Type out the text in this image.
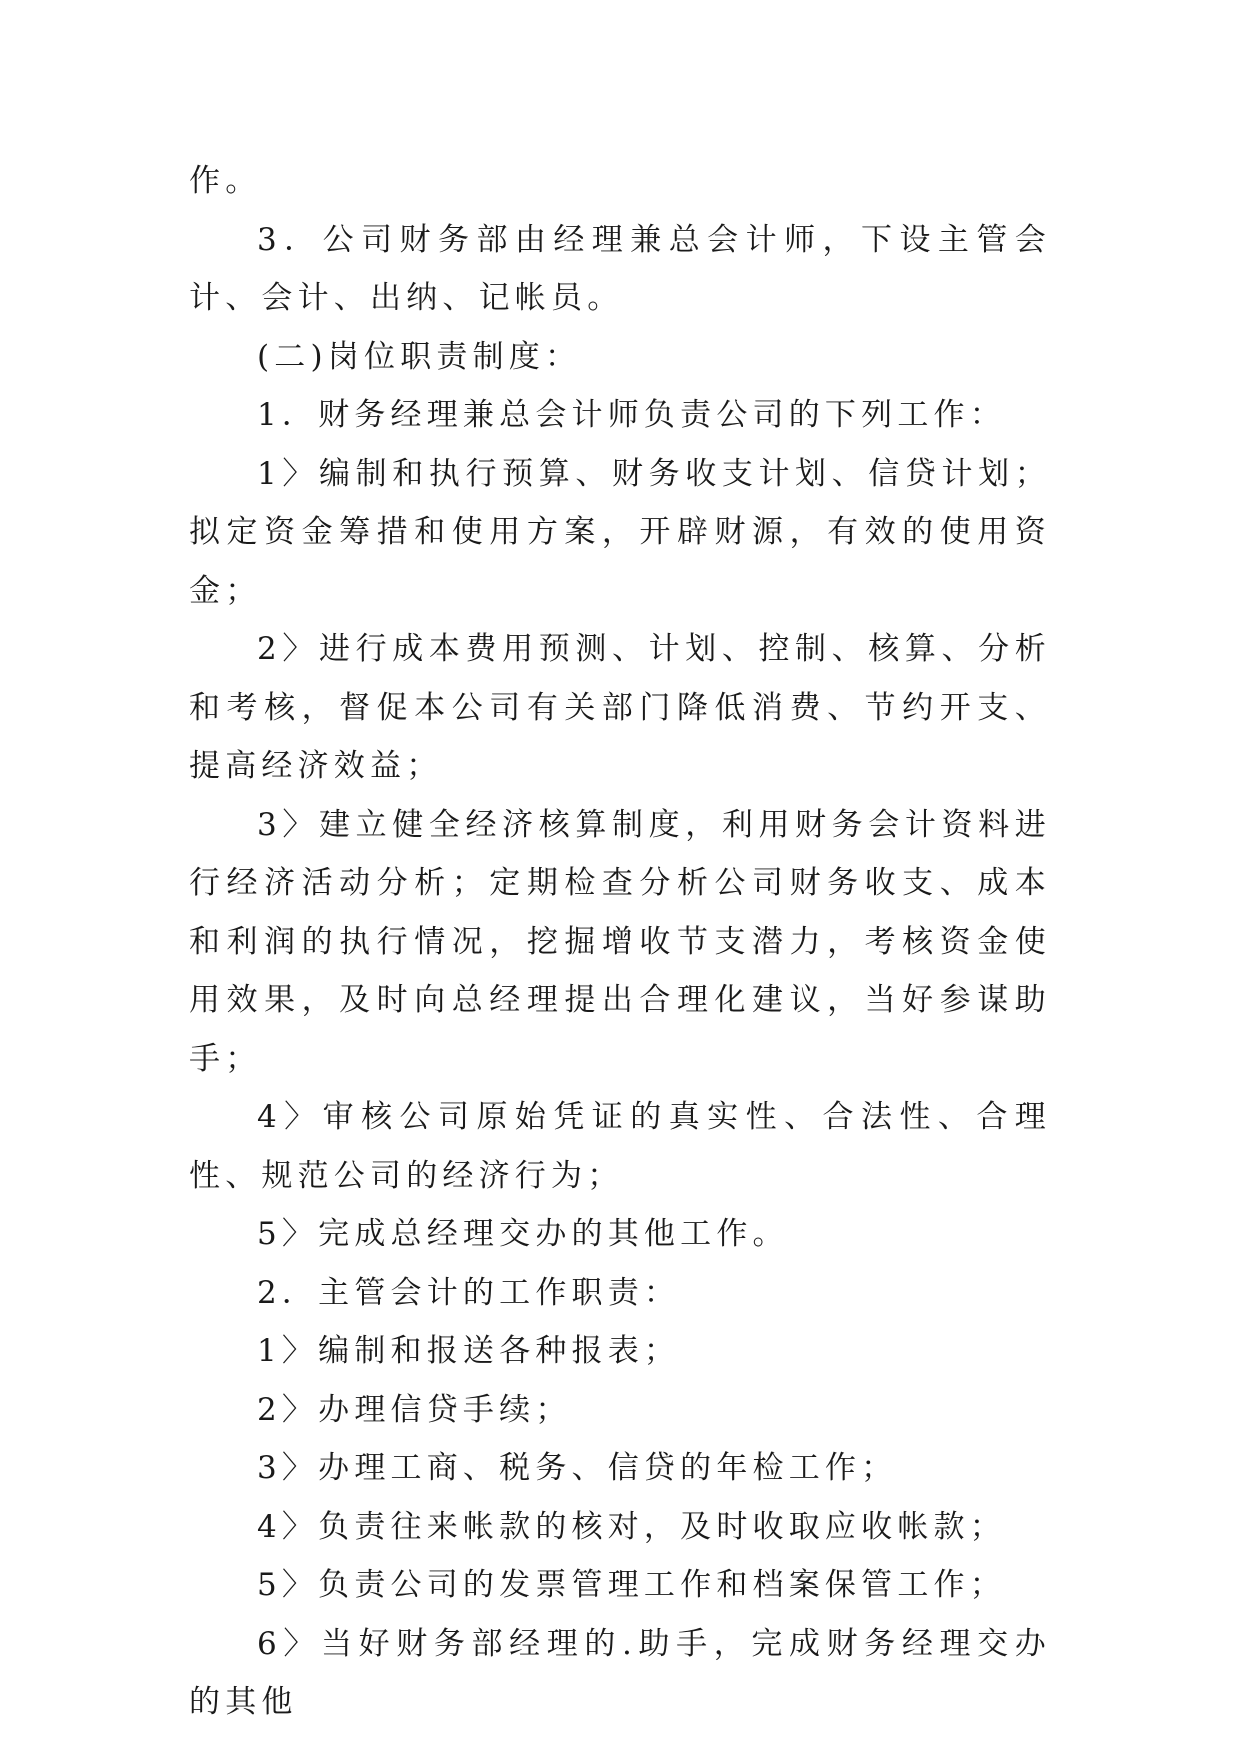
作。

3．公司财务部由经理兼总会计师，下设主管会计、会计、出纳、记帐员。

(二)岗位职责制度：

1．财务经理兼总会计师负责公司的下列工作：

1〉编制和执行预算、财务收支计划、信贷计划；拟定资金筹措和使用方案，开辟财源，有效的使用资金；

2〉进行成本费用预测、计划、控制、核算、分析和考核，督促本公司有关部门降低消费、节约开支、提高经济效益；

3〉建立健全经济核算制度，利用财务会计资料进行经济活动分析；定期检查分析公司财务收支、成本和利润的执行情况，挖掘增收节支潜力，考核资金使用效果，及时向总经理提出合理化建议，当好参谋助手；

4〉审核公司原始凭证的真实性、合法性、合理性、规范公司的经济行为；

5〉完成总经理交办的其他工作。

2．主管会计的工作职责：

1〉编制和报送各种报表；

2〉办理信贷手续；

3〉办理工商、税务、信贷的年检工作；

4〉负责往来帐款的核对，及时收取应收帐款；

5〉负责公司的发票管理工作和档案保管工作；

6〉当好财务部经理的.助手，完成财务经理交办的其他
